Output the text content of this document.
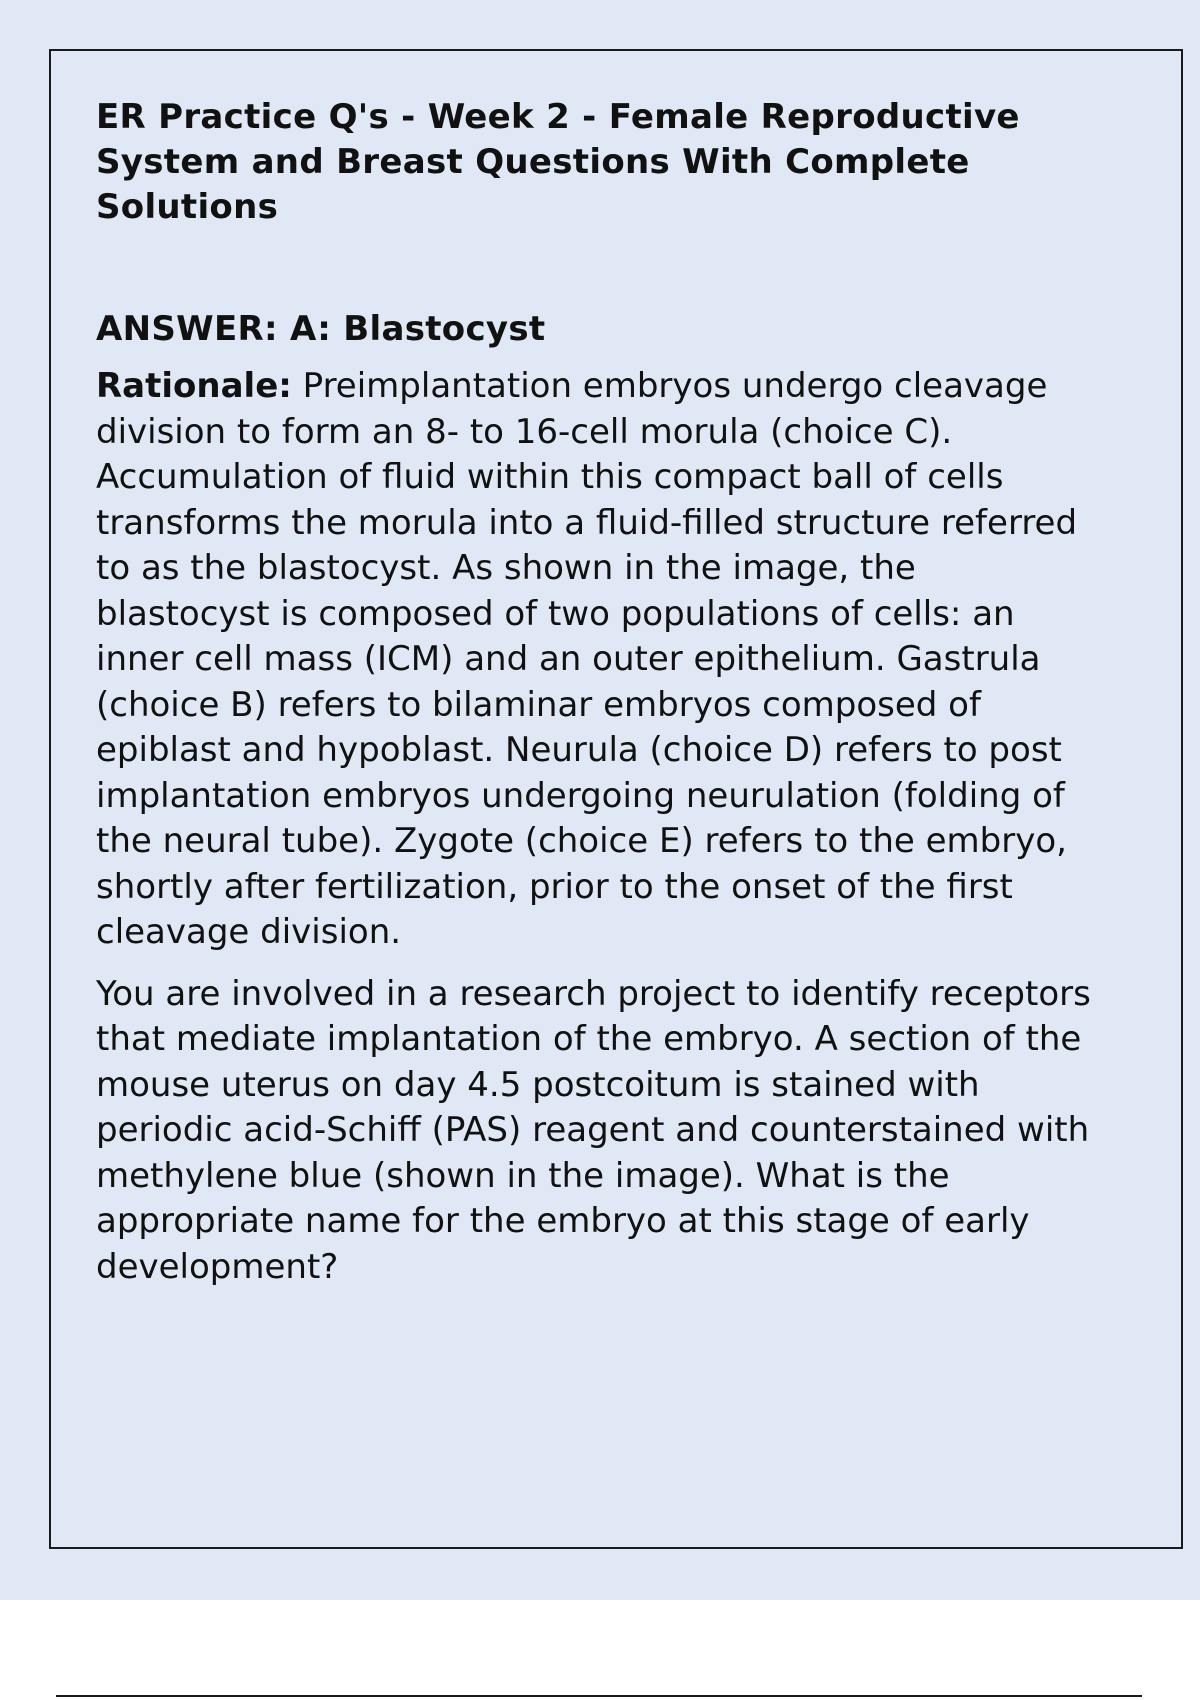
ER Practice Q's - Week 2 - Female Reproductive System and Breast Questions With Complete Solutions

ANSWER: A: Blastocyst

Rationale: Preimplantation embryos undergo cleavage division to form an 8- to 16-cell morula (choice C). Accumulation of fluid within this compact ball of cells transforms the morula into a fluid-filled structure referred to as the blastocyst. As shown in the image, the blastocyst is composed of two populations of cells: an inner cell mass (ICM) and an outer epithelium. Gastrula (choice B) refers to bilaminar embryos composed of epiblast and hypoblast. Neurula (choice D) refers to post implantation embryos undergoing neurulation (folding of the neural tube). Zygote (choice E) refers to the embryo, shortly after fertilization, prior to the onset of the first cleavage division.

You are involved in a research project to identify receptors that mediate implantation of the embryo. A section of the mouse uterus on day 4.5 postcoitum is stained with periodic acid-Schiff (PAS) reagent and counterstained with methylene blue (shown in the image). What is the appropriate name for the embryo at this stage of early development?
